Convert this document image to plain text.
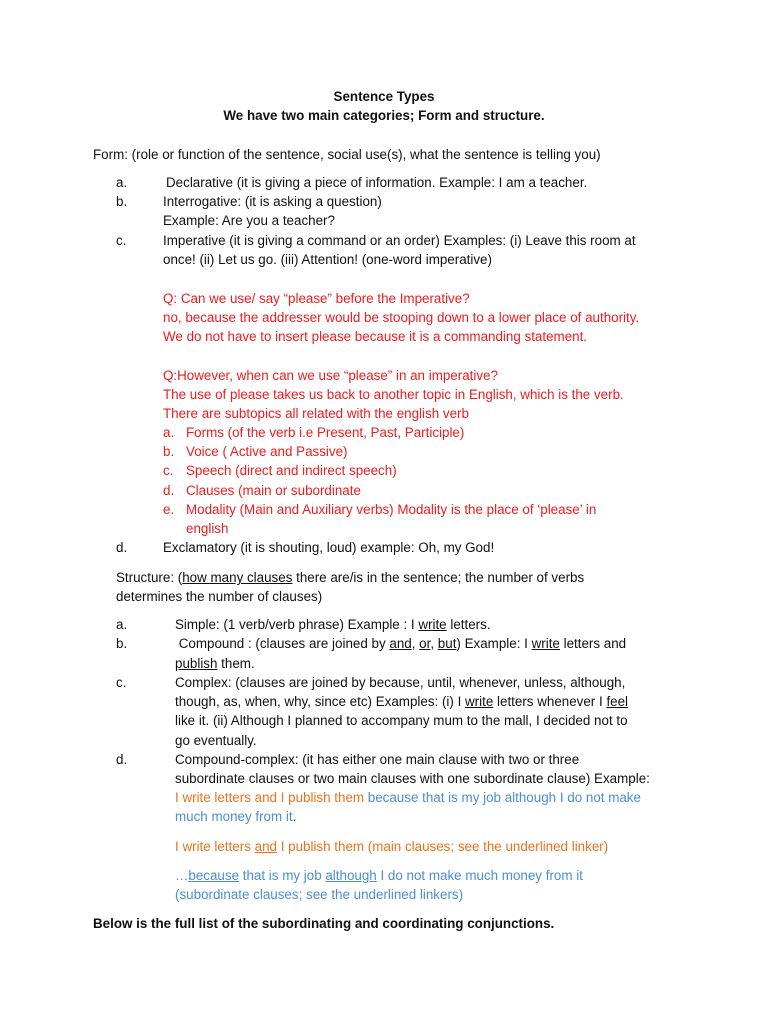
Sentence Types
We have two main categories; Form and structure.
Form: (role or function of the sentence, social use(s), what the sentence is telling you)
a.	Declarative (it is giving a piece of information. Example: I am a teacher.
b.	Interrogative: (it is asking a question)
Example: Are you a teacher?
c.	Imperative (it is giving a command or an order) Examples: (i) Leave this room at
once! (ii) Let us go. (iii) Attention! (one-word imperative)
Q: Can we use/ say “please” before the Imperative?
no, because the addresser would be stooping down to a lower place of authority.
We do not have to insert please because it is a commanding statement.
Q:However, when can we use “please” in an imperative?
The use of please takes us back to another topic in English, which is the verb.
There are subtopics all related with the english verb
a. Forms (of the verb i.e Present, Past, Participle)
b. Voice ( Active and Passive)
c. Speech (direct and indirect speech)
d. Clauses (main or subordinate
e. Modality (Main and Auxiliary verbs) Modality is the place of ‘please’ in
english
d.	Exclamatory (it is shouting, loud) example: Oh, my God!
Structure: (how many clauses there are/is in the sentence; the number of verbs
determines the number of clauses)
a.	Simple: (1 verb/verb phrase) Example : I write letters.
b.	Compound : (clauses are joined by and, or, but) Example: I write letters and
publish them.
c.	Complex: (clauses are joined by because, until, whenever, unless, although,
though, as, when, why, since etc) Examples: (i) I write letters whenever I feel
like it. (ii) Although I planned to accompany mum to the mall, I decided not to
go eventually.
d.	Compound-complex: (it has either one main clause with two or three
subordinate clauses or two main clauses with one subordinate clause) Example:
I write letters and I publish them because that is my job although I do not make
much money from it.
I write letters and I publish them (main clauses; see the underlined linker)
…because that is my job although I do not make much money from it
(subordinate clauses; see the underlined linkers)
Below is the full list of the subordinating and coordinating conjunctions.
